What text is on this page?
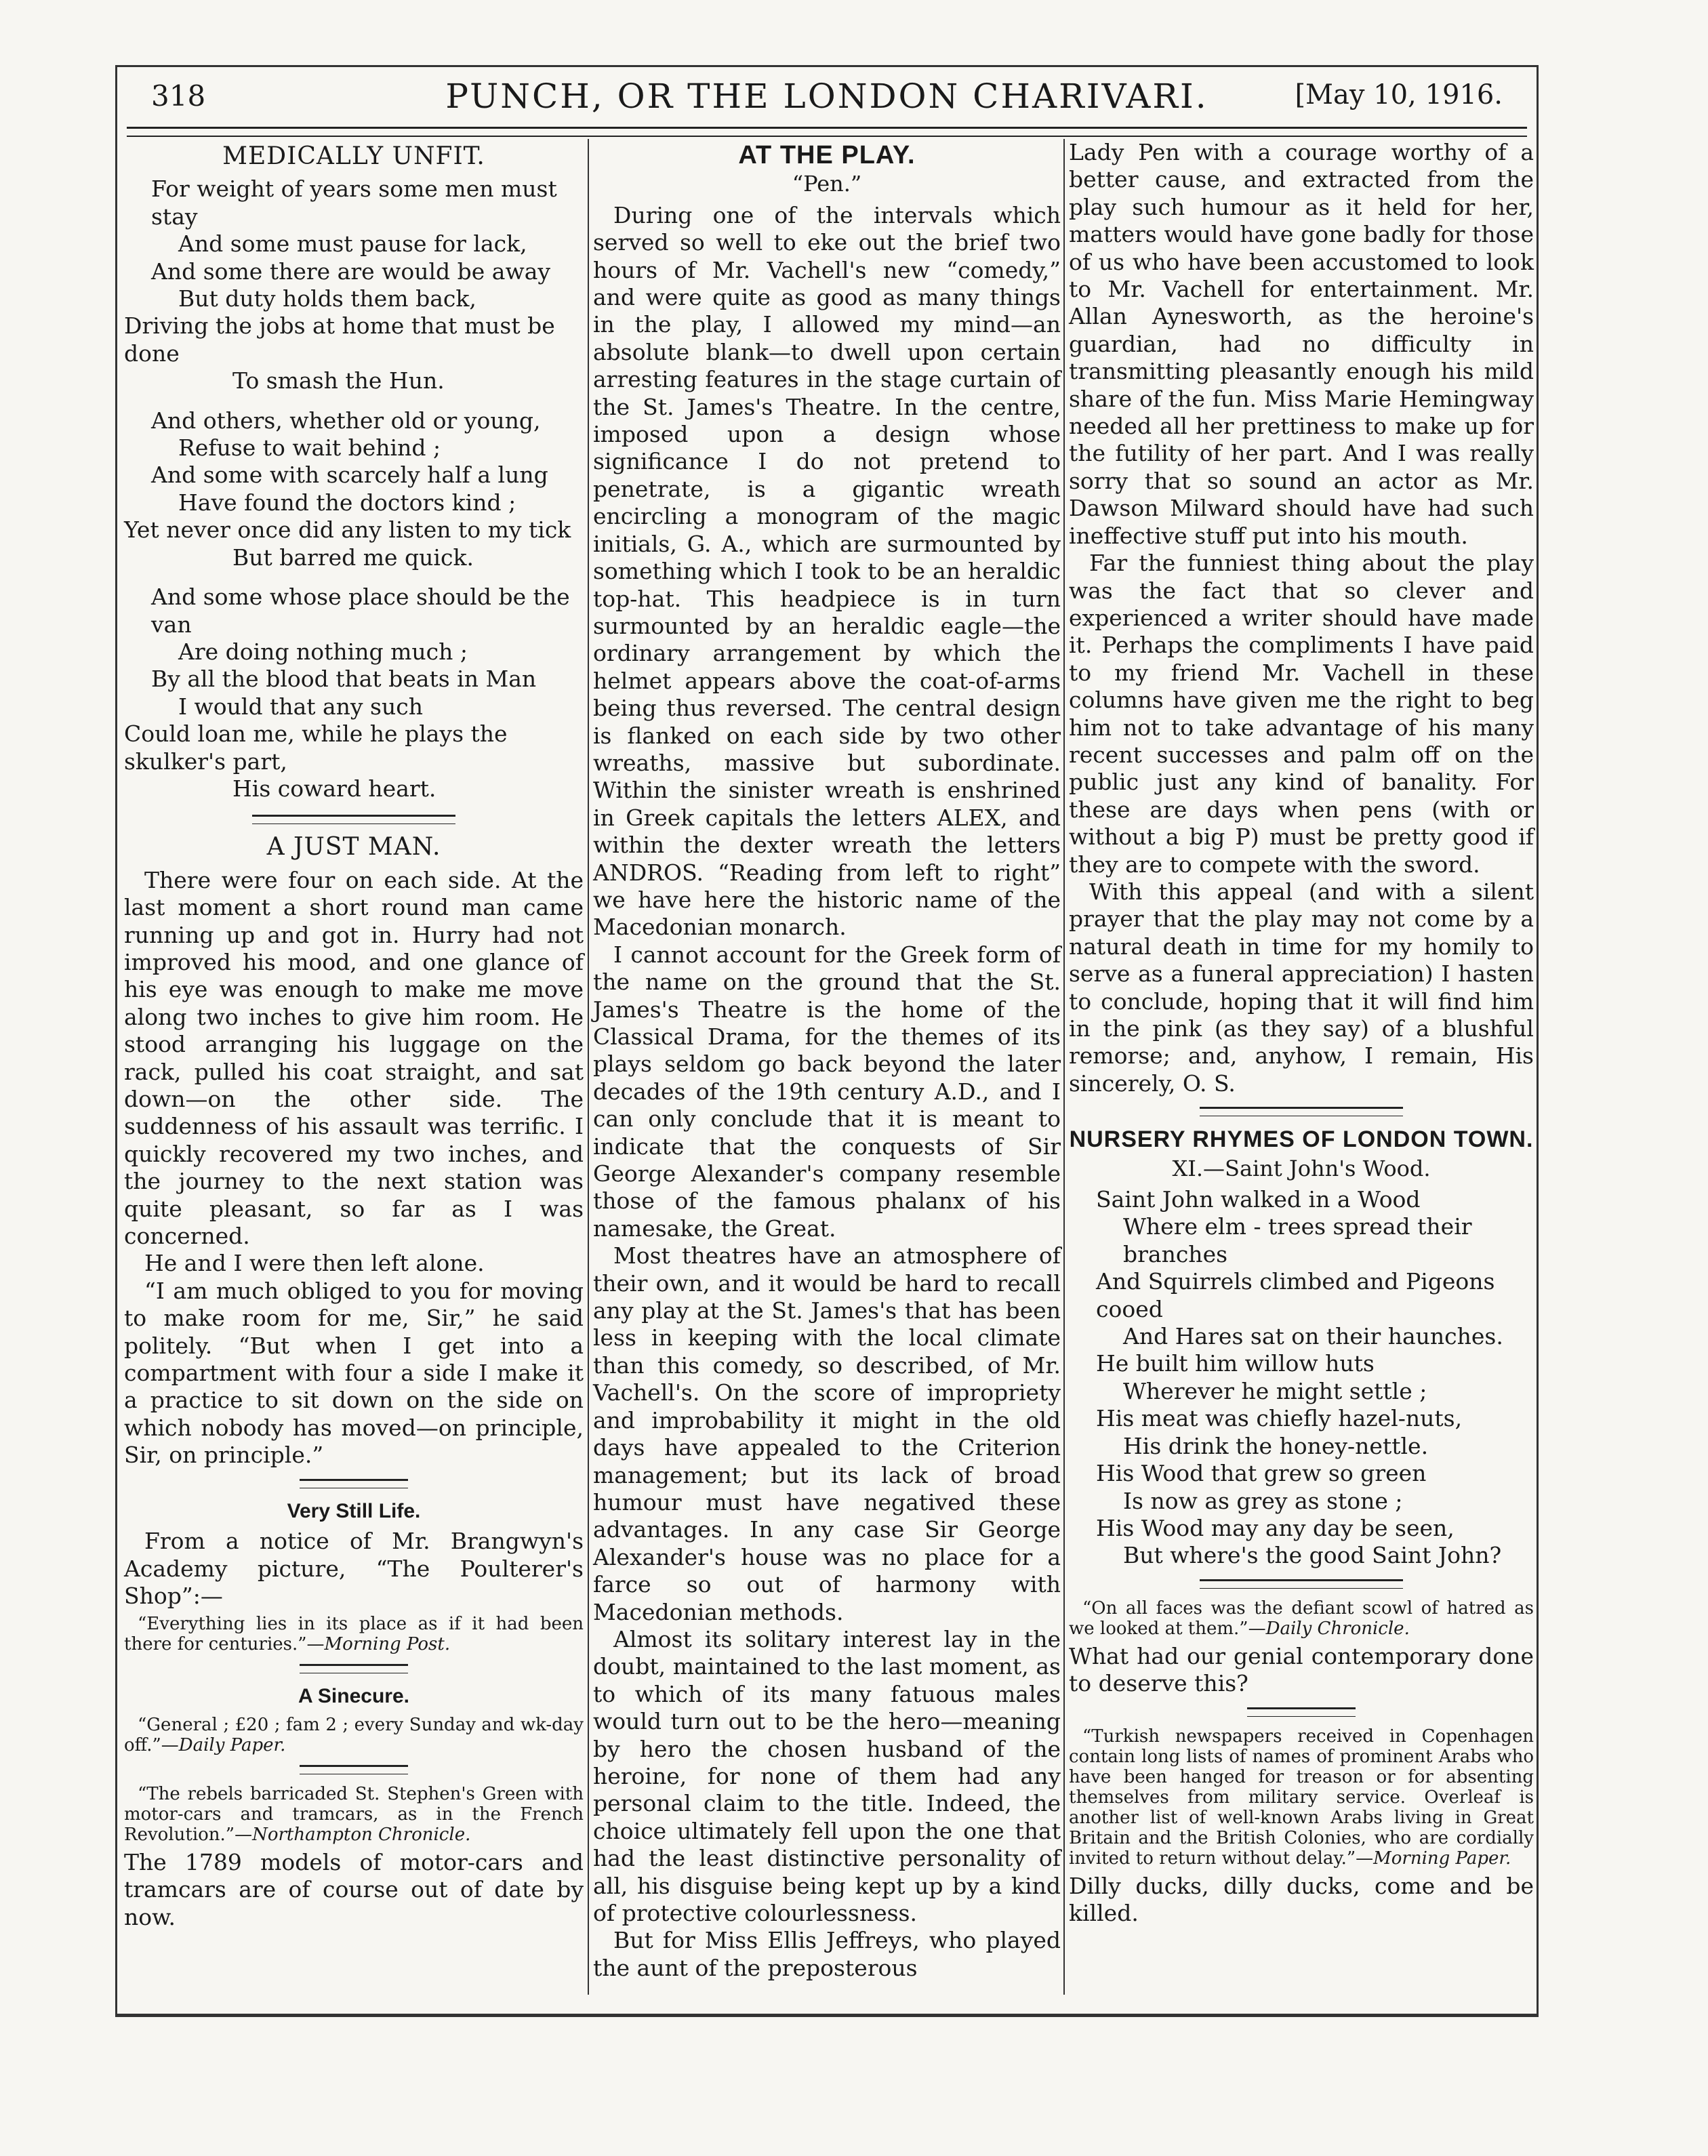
318	PUNCH, OR THE LONDON CHARIVARI.	[May 10, 1916.
MEDICALLY UNFIT.
For weight of years some men must stay
And some must pause for lack,
And some there are would be away
But duty holds them back,
Driving the jobs at home that must be done
To smash the Hun.
And others, whether old or young,
Refuse to wait behind ;
And some with scarcely half a lung
Have found the doctors kind ;
Yet never once did any listen to my tick
But barred me quick.
And some whose place should be the van
Are doing nothing much ;
By all the blood that beats in Man
I would that any such
Could loan me, while he plays the skulker's part,
His coward heart.
A JUST MAN.

There were four on each side. At the last moment a short round man came running up and got in. Hurry had not improved his mood, and one glance of his eye was enough to make me move along two inches to give him room. He stood arranging his luggage on the rack, pulled his coat straight, and sat down—on the other side. The suddenness of his assault was terrific. I quickly recovered my two inches, and the journey to the next station was quite pleasant, so far as I was concerned.

He and I were then left alone.

“I am much obliged to you for moving to make room for me, Sir,” he said politely. “But when I get into a compartment with four a side I make it a practice to sit down on the side on which nobody has moved—on principle, Sir, on principle.”

Very Still Life.

From a notice of Mr. Brangwyn's Academy picture, “The Poulterer's Shop”:—

“Everything lies in its place as if it had been there for centuries.”—Morning Post.

A Sinecure.

“General ; £20 ; fam 2 ; every Sunday and wk-day off.”—Daily Paper.

“The rebels barricaded St. Stephen's Green with motor-cars and tramcars, as in the French Revolution.”—Northampton Chronicle.

The 1789 models of motor-cars and tramcars are of course out of date by now.

AT THE PLAY.
“Pen.”

During one of the intervals which served so well to eke out the brief two hours of Mr. Vachell's new “comedy,” and were quite as good as many things in the play, I allowed my mind—an absolute blank—to dwell upon certain arresting features in the stage curtain of the St. James's Theatre. In the centre, imposed upon a design whose significance I do not pretend to penetrate, is a gigantic wreath encircling a monogram of the magic initials, G. A., which are surmounted by something which I took to be an heraldic top-hat. This headpiece is in turn surmounted by an heraldic eagle—the ordinary arrangement by which the helmet appears above the coat-of-arms being thus reversed. The central design is flanked on each side by two other wreaths, massive but subordinate. Within the sinister wreath is enshrined in Greek capitals the letters ALEX, and within the dexter wreath the letters ANDROS. “Reading from left to right” we have here the historic name of the Macedonian monarch.

I cannot account for the Greek form of the name on the ground that the St. James's Theatre is the home of the Classical Drama, for the themes of its plays seldom go back beyond the later decades of the 19th century A.D., and I can only conclude that it is meant to indicate that the conquests of Sir George Alexander's company resemble those of the famous phalanx of his namesake, the Great.

Most theatres have an atmosphere of their own, and it would be hard to recall any play at the St. James's that has been less in keeping with the local climate than this comedy, so described, of Mr. Vachell's. On the score of impropriety and improbability it might in the old days have appealed to the Criterion management; but its lack of broad humour must have negatived these advantages. In any case Sir George Alexander's house was no place for a farce so out of harmony with Macedonian methods.

Almost its solitary interest lay in the doubt, maintained to the last moment, as to which of its many fatuous males would turn out to be the hero—meaning by hero the chosen husband of the heroine, for none of them had any personal claim to the title. Indeed, the choice ultimately fell upon the one that had the least distinctive personality of all, his disguise being kept up by a kind of protective colourlessness.

But for Miss Ellis Jeffreys, who played the aunt of the preposterous

Lady Pen with a courage worthy of a better cause, and extracted from the play such humour as it held for her, matters would have gone badly for those of us who have been accustomed to look to Mr. Vachell for entertainment. Mr. Allan Aynesworth, as the heroine's guardian, had no difficulty in transmitting pleasantly enough his mild share of the fun. Miss Marie Hemingway needed all her prettiness to make up for the futility of her part. And I was really sorry that so sound an actor as Mr. Dawson Milward should have had such ineffective stuff put into his mouth.

Far the funniest thing about the play was the fact that so clever and experienced a writer should have made it. Perhaps the compliments I have paid to my friend Mr. Vachell in these columns have given me the right to beg him not to take advantage of his many recent successes and palm off on the public just any kind of banality. For these are days when pens (with or without a big P) must be pretty good if they are to compete with the sword.

With this appeal (and with a silent prayer that the play may not come by a natural death in time for my homily to serve as a funeral appreciation) I hasten to conclude, hoping that it will find him in the pink (as they say) of a blushful remorse; and, anyhow, I remain, His sincerely, O. S.

NURSERY RHYMES OF LONDON TOWN.
XI.—Saint John's Wood.
Saint John walked in a Wood
Where elm - trees spread their branches
And Squirrels climbed and Pigeons cooed
And Hares sat on their haunches.
He built him willow huts
Wherever he might settle ;
His meat was chiefly hazel-nuts,
His drink the honey-nettle.
His Wood that grew so green
Is now as grey as stone ;
His Wood may any day be seen,
But where's the good Saint John?

“On all faces was the defiant scowl of hatred as we looked at them.”—Daily Chronicle.

What had our genial contemporary done to deserve this?

“Turkish newspapers received in Copenhagen contain long lists of names of prominent Arabs who have been hanged for treason or for absenting themselves from military service. Overleaf is another list of well-known Arabs living in Great Britain and the British Colonies, who are cordially invited to return without delay.”—Morning Paper.

Dilly ducks, dilly ducks, come and be killed.
